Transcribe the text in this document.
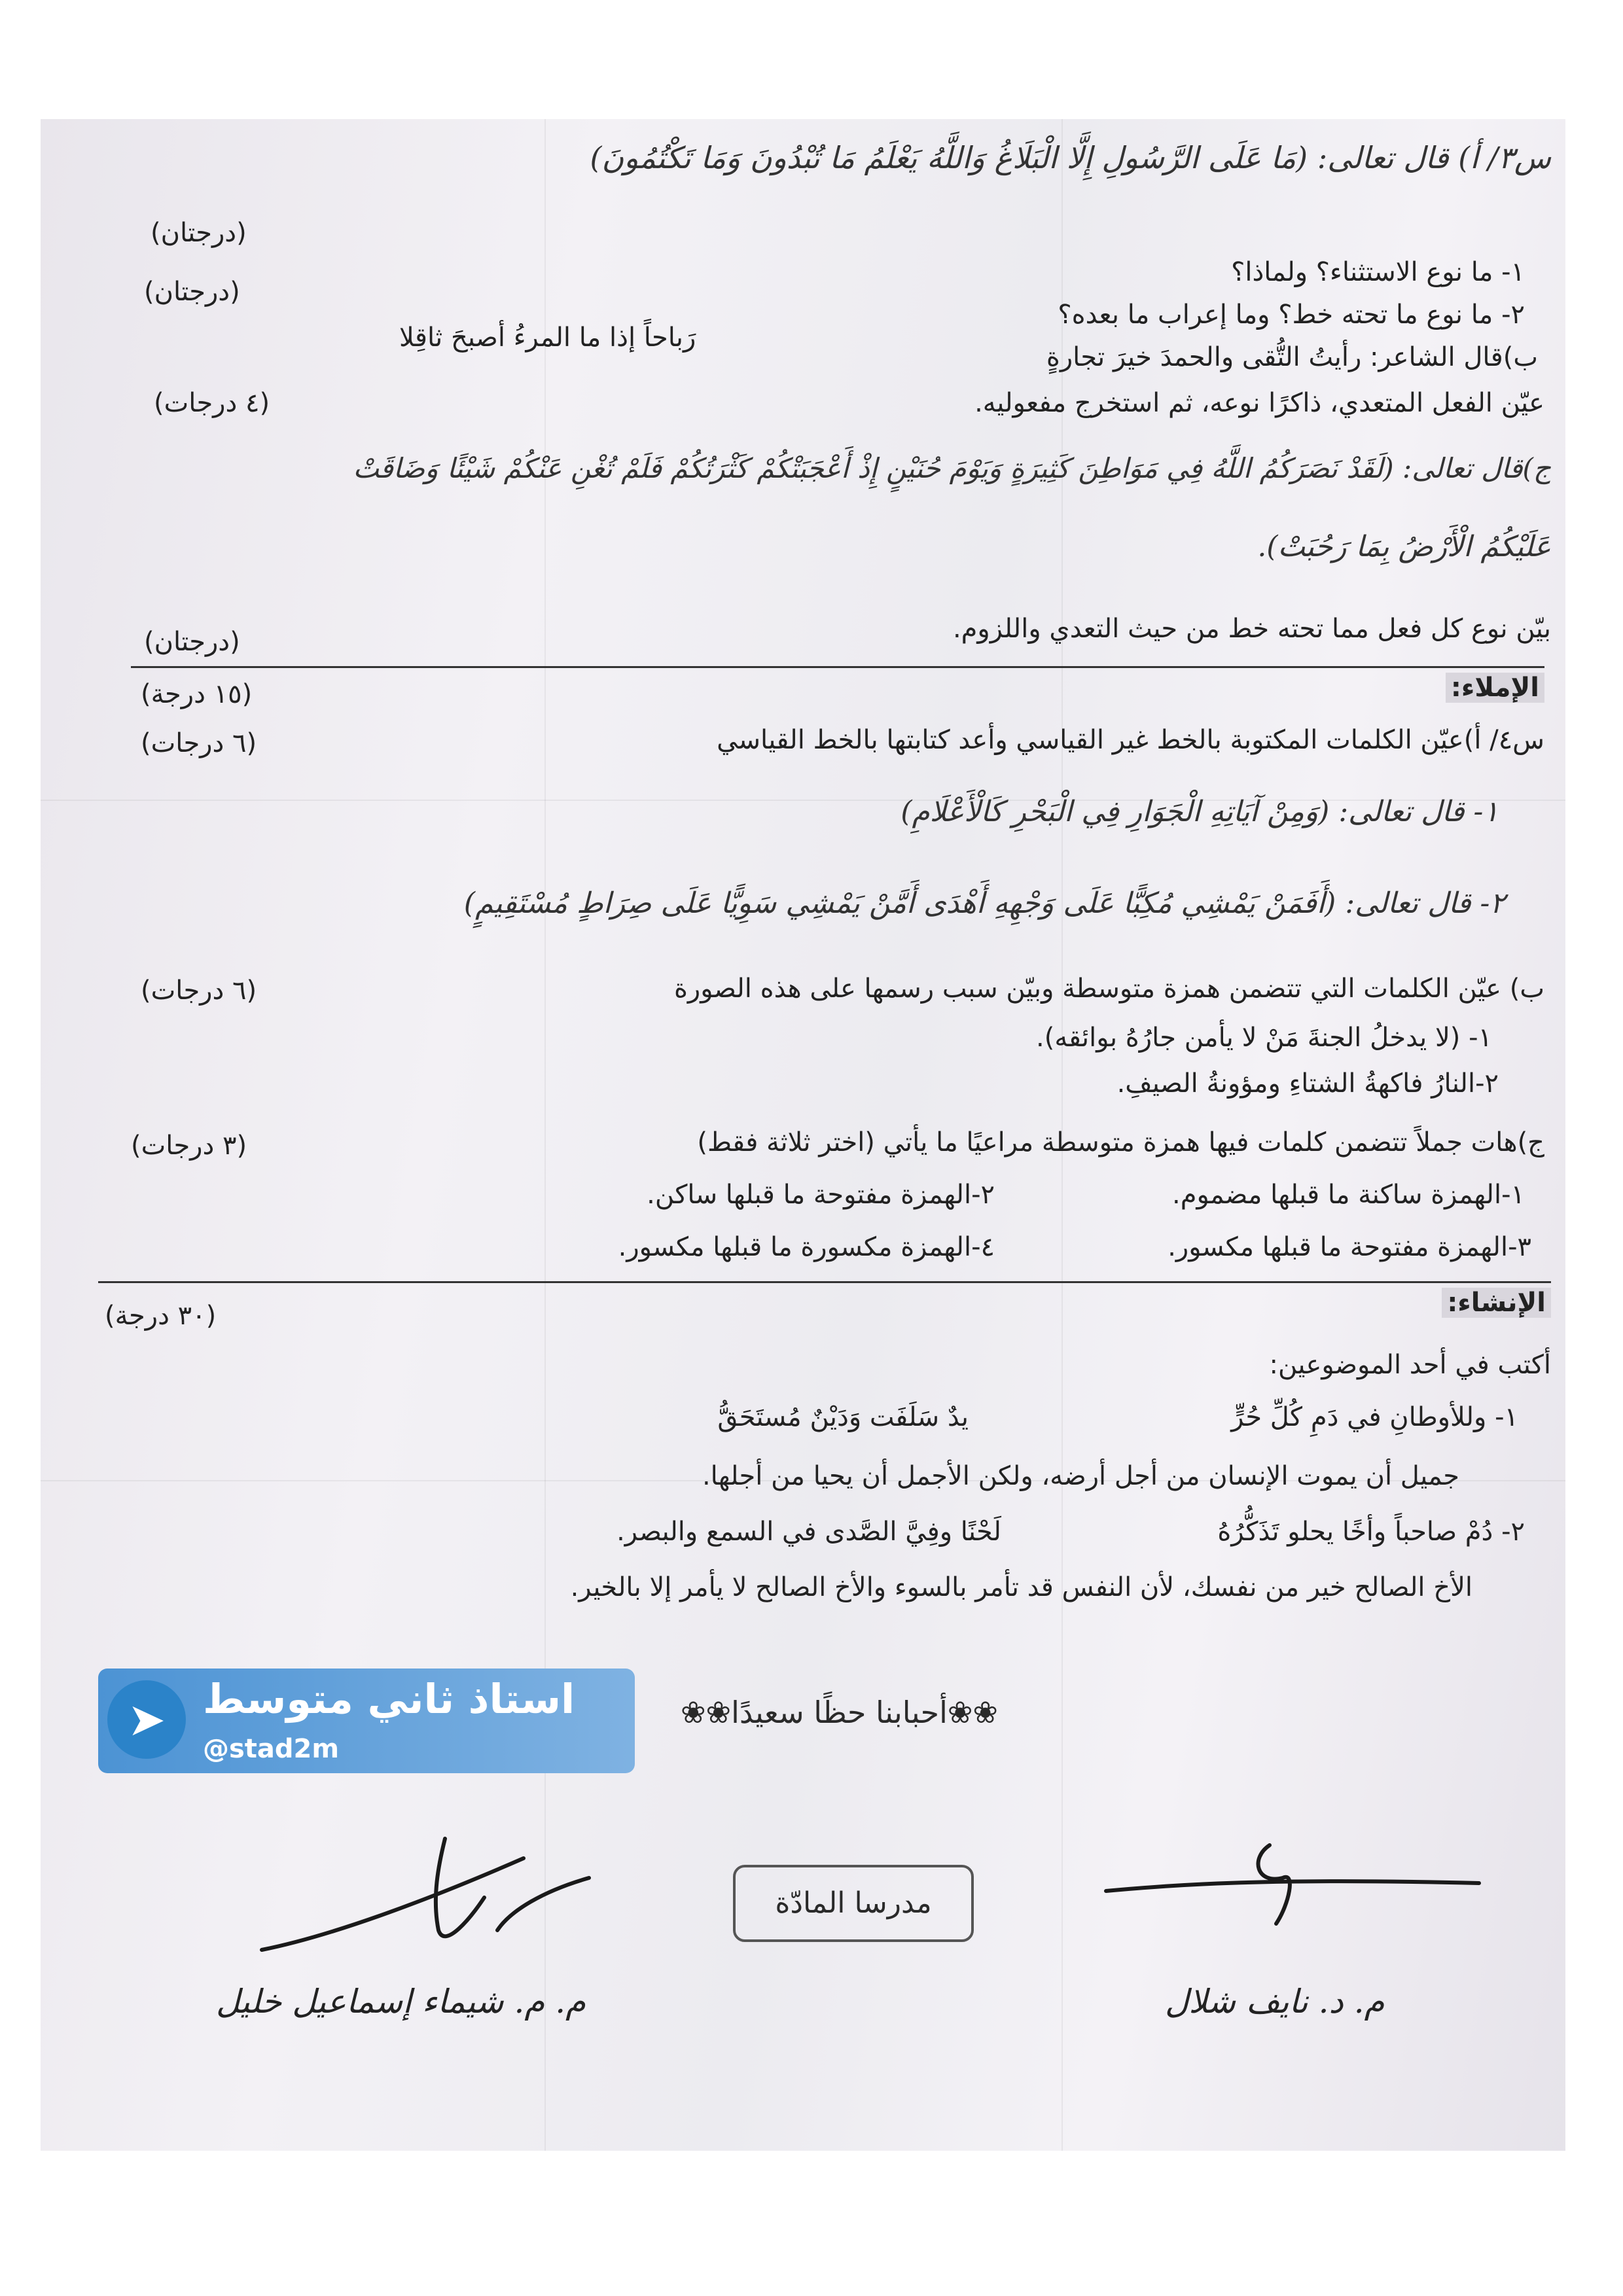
س٣/ أ) قال تعالى: (مَا عَلَى الرَّسُولِ إِلَّا الْبَلَاغُ وَاللَّهُ يَعْلَمُ مَا تُبْدُونَ وَمَا تَكْتُمُونَ)
١- ما نوع الاستثناء؟ ولماذا؟
(درجتان)
٢- ما نوع ما تحته خط؟ وما إعراب ما بعده؟
(درجتان)
ب)قال الشاعر: رأيتُ التُّقى والحمدَ خيرَ تجارةٍ
رَباحاً إذا ما المرءُ أصبحَ ثاقِلا
عيّن الفعل المتعدي، ذاكرًا نوعه، ثم استخرج مفعوليه.
(٤ درجات)
ج)قال تعالى: (لَقَدْ نَصَرَكُمُ اللَّهُ فِي مَوَاطِنَ كَثِيرَةٍ وَيَوْمَ حُنَيْنٍ إِذْ أَعْجَبَتْكُمْ كَثْرَتُكُمْ فَلَمْ تُغْنِ عَنْكُمْ شَيْئًا وَضَاقَتْ
عَلَيْكُمُ الْأَرْضُ بِمَا رَحُبَتْ).
بيّن نوع كل فعل مما تحته خط من حيث التعدي واللزوم.
(درجتان)
الإملاء:
(١٥ درجة)
س٤/ أ)عيّن الكلمات المكتوبة بالخط غير القياسي وأعد كتابتها بالخط القياسي
(٦ درجات)
١- قال تعالى: (وَمِنْ آيَاتِهِ الْجَوَارِ فِي الْبَحْرِ كَالْأَعْلَامِ)
٢- قال تعالى: (أَفَمَنْ يَمْشِي مُكِبًّا عَلَى وَجْهِهِ أَهْدَى أَمَّنْ يَمْشِي سَوِيًّا عَلَى صِرَاطٍ مُسْتَقِيمٍ)
ب) عيّن الكلمات التي تتضمن همزة متوسطة وبيّن سبب رسمها على هذه الصورة
(٦ درجات)
١- (لا يدخلُ الجنةَ مَنْ لا يأمن جارُهُ بوائقه).
٢-النارُ فاكهةُ الشتاءِ ومؤونةُ الصيفِ.
ج)هات جملاً تتضمن كلمات فيها همزة متوسطة مراعيًا ما يأتي (اختر ثلاثة فقط)
(٣ درجات)
١-الهمزة ساكنة ما قبلها مضموم.
٢-الهمزة مفتوحة ما قبلها ساكن.
٣-الهمزة مفتوحة ما قبلها مكسور.
٤-الهمزة مكسورة ما قبلها مكسور.
الإنشاء:
(٣٠ درجة)
أكتب في أحد الموضوعين:
١- وللأوطانِ في دَمِ كُلِّ حُرٍّ
يدٌ سَلَفَت وَدَيْنٌ مُستَحَقُّ
جميل أن يموت الإنسان من أجل أرضه، ولكن الأجمل أن يحيا من أجلها.
٢- دُمْ صاحباً وأخًا يحلو تَذَكُّرُهُ
لَحْنًا وفِيَّ الصَّدى في السمع والبصر.
الأخ الصالح خير من نفسك، لأن النفس قد تأمر بالسوء والأخ الصالح لا يأمر إلا بالخير.
➤ استاذ ثاني متوسط
@stad2m
❀❀أحبابنا حظًا سعيدًا❀❀
مدرسا المادّة
م. م. شيماء إسماعيل خليل	م. د. نايف شلال
